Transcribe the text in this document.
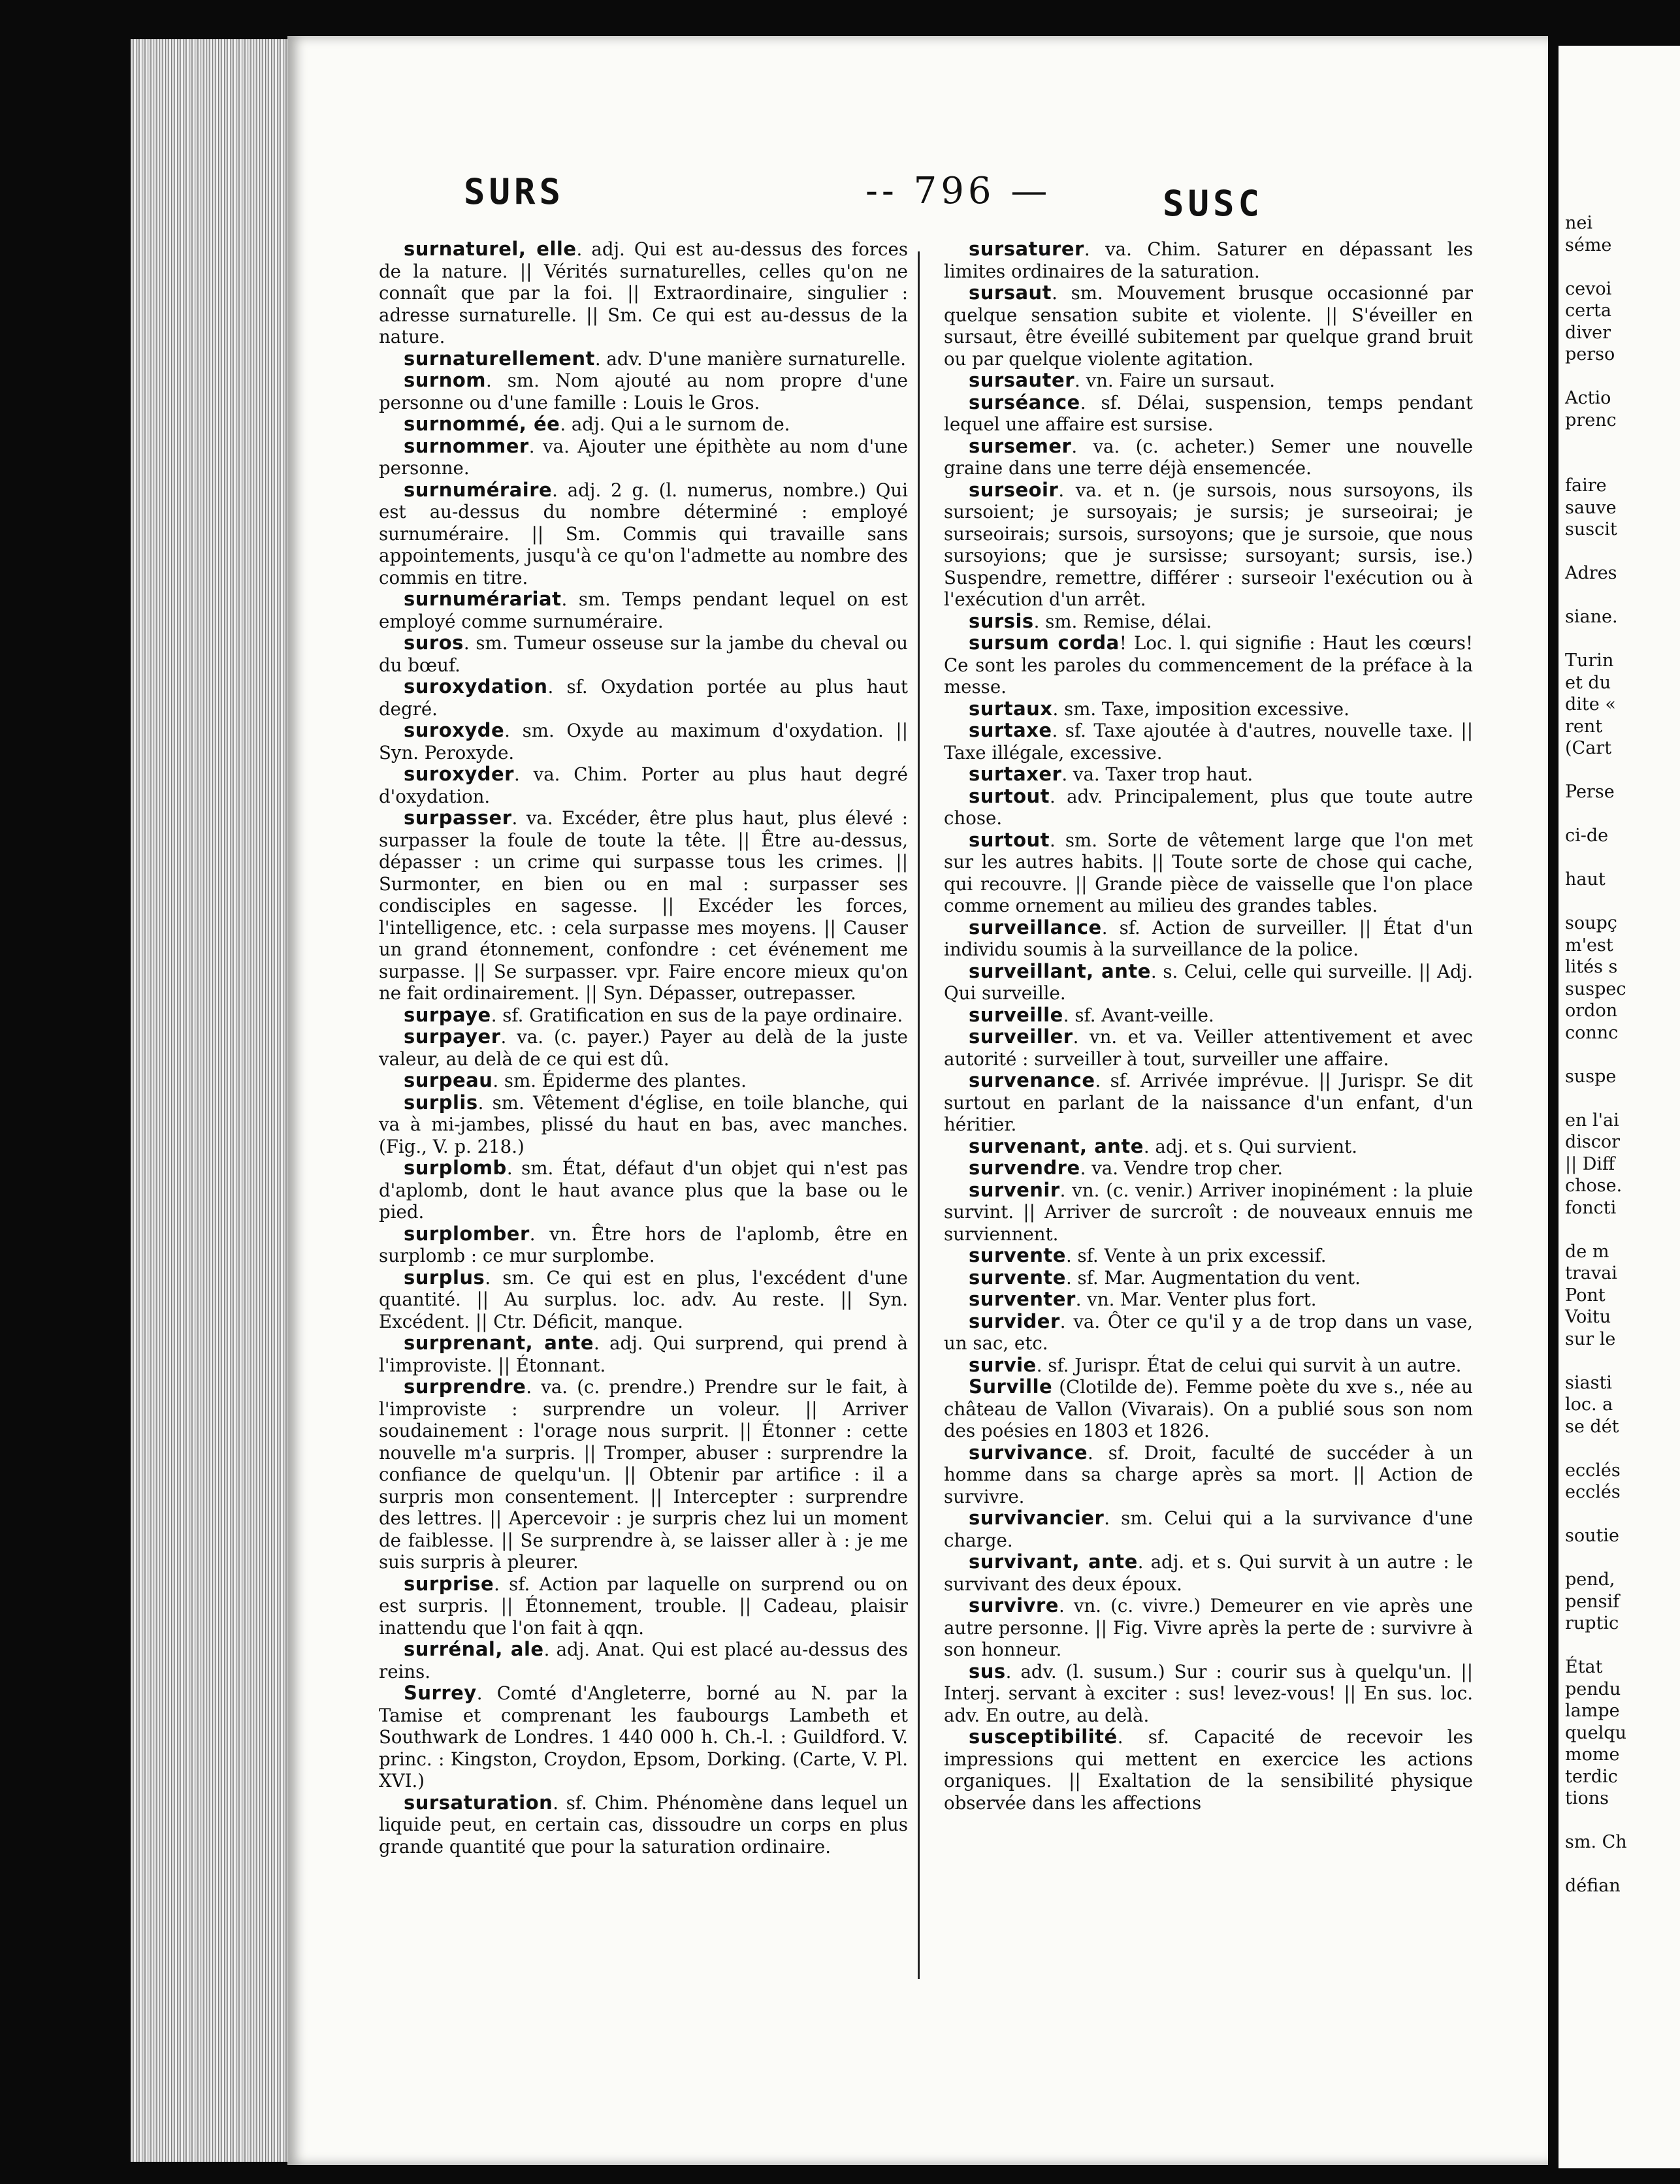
SURS	-- 796 —	SUSC

surnaturel, elle. adj. Qui est au-dessus des forces de la nature. || Vérités surnaturelles, celles qu'on ne connaît que par la foi. || Extraordinaire, singulier : adresse surnaturelle. || Sm. Ce qui est au-dessus de la nature.

surnaturellement. adv. D'une manière surnaturelle.

surnom. sm. Nom ajouté au nom propre d'une personne ou d'une famille : Louis le Gros.

surnommé, ée. adj. Qui a le surnom de.

surnommer. va. Ajouter une épithète au nom d'une personne.

surnuméraire. adj. 2 g. (l. numerus, nombre.) Qui est au-dessus du nombre déterminé : employé surnuméraire. || Sm. Commis qui travaille sans appointements, jusqu'à ce qu'on l'admette au nombre des commis en titre.

surnumérariat. sm. Temps pendant lequel on est employé comme surnuméraire.

suros. sm. Tumeur osseuse sur la jambe du cheval ou du bœuf.

suroxydation. sf. Oxydation portée au plus haut degré.

suroxyde. sm. Oxyde au maximum d'oxydation. || Syn. Peroxyde.

suroxyder. va. Chim. Porter au plus haut degré d'oxydation.

surpasser. va. Excéder, être plus haut, plus élevé : surpasser la foule de toute la tête. || Être au-dessus, dépasser : un crime qui surpasse tous les crimes. || Surmonter, en bien ou en mal : surpasser ses condisciples en sagesse. || Excéder les forces, l'intelligence, etc. : cela surpasse mes moyens. || Causer un grand étonnement, confondre : cet événement me surpasse. || Se surpasser. vpr. Faire encore mieux qu'on ne fait ordinairement. || Syn. Dépasser, outrepasser.

surpaye. sf. Gratification en sus de la paye ordinaire.

surpayer. va. (c. payer.) Payer au delà de la juste valeur, au delà de ce qui est dû.

surpeau. sm. Épiderme des plantes.

surplis. sm. Vêtement d'église, en toile blanche, qui va à mi-jambes, plissé du haut en bas, avec manches. (Fig., V. p. 218.)

surplomb. sm. État, défaut d'un objet qui n'est pas d'aplomb, dont le haut avance plus que la base ou le pied.

surplomber. vn. Être hors de l'aplomb, être en surplomb : ce mur surplombe.

surplus. sm. Ce qui est en plus, l'excédent d'une quantité. || Au surplus. loc. adv. Au reste. || Syn. Excédent. || Ctr. Déficit, manque.

surprenant, ante. adj. Qui surprend, qui prend à l'improviste. || Étonnant.

surprendre. va. (c. prendre.) Prendre sur le fait, à l'improviste : surprendre un voleur. || Arriver soudainement : l'orage nous surprit. || Étonner : cette nouvelle m'a surpris. || Tromper, abuser : surprendre la confiance de quelqu'un. || Obtenir par artifice : il a surpris mon consentement. || Intercepter : surprendre des lettres. || Apercevoir : je surpris chez lui un moment de faiblesse. || Se surprendre à, se laisser aller à : je me suis surpris à pleurer.

surprise. sf. Action par laquelle on surprend ou on est surpris. || Étonnement, trouble. || Cadeau, plaisir inattendu que l'on fait à qqn.

surrénal, ale. adj. Anat. Qui est placé au-dessus des reins.

Surrey. Comté d'Angleterre, borné au N. par la Tamise et comprenant les faubourgs Lambeth et Southwark de Londres. 1 440 000 h. Ch.-l. : Guildford. V. princ. : Kingston, Croydon, Epsom, Dorking. (Carte, V. Pl. XVI.)

sursaturation. sf. Chim. Phénomène dans lequel un liquide peut, en certain cas, dissoudre un corps en plus grande quantité que pour la saturation ordinaire.

sursaturer. va. Chim. Saturer en dépassant les limites ordinaires de la saturation.

sursaut. sm. Mouvement brusque occasionné par quelque sensation subite et violente. || S'éveiller en sursaut, être éveillé subitement par quelque grand bruit ou par quelque violente agitation.

sursauter. vn. Faire un sursaut.

surséance. sf. Délai, suspension, temps pendant lequel une affaire est sursise.

sursemer. va. (c. acheter.) Semer une nouvelle graine dans une terre déjà ensemencée.

surseoir. va. et n. (je sursois, nous sursoyons, ils sursoient; je sursoyais; je sursis; je surseoirai; je surseoirais; sursois, sursoyons; que je sursoie, que nous sursoyions; que je sursisse; sursoyant; sursis, ise.) Suspendre, remettre, différer : surseoir l'exécution ou à l'exécution d'un arrêt.

sursis. sm. Remise, délai.

sursum corda! Loc. l. qui signifie : Haut les cœurs! Ce sont les paroles du commencement de la préface à la messe.

surtaux. sm. Taxe, imposition excessive.

surtaxe. sf. Taxe ajoutée à d'autres, nouvelle taxe. || Taxe illégale, excessive.

surtaxer. va. Taxer trop haut.

surtout. adv. Principalement, plus que toute autre chose.

surtout. sm. Sorte de vêtement large que l'on met sur les autres habits. || Toute sorte de chose qui cache, qui recouvre. || Grande pièce de vaisselle que l'on place comme ornement au milieu des grandes tables.

surveillance. sf. Action de surveiller. || État d'un individu soumis à la surveillance de la police.

surveillant, ante. s. Celui, celle qui surveille. || Adj. Qui surveille.

surveille. sf. Avant-veille.

surveiller. vn. et va. Veiller attentivement et avec autorité : surveiller à tout, surveiller une affaire.

survenance. sf. Arrivée imprévue. || Jurispr. Se dit surtout en parlant de la naissance d'un enfant, d'un héritier.

survenant, ante. adj. et s. Qui survient.

survendre. va. Vendre trop cher.

survenir. vn. (c. venir.) Arriver inopinément : la pluie survint. || Arriver de surcroît : de nouveaux ennuis me surviennent.

survente. sf. Vente à un prix excessif.

survente. sf. Mar. Augmentation du vent.

surventer. vn. Mar. Venter plus fort.

survider. va. Ôter ce qu'il y a de trop dans un vase, un sac, etc.

survie. sf. Jurispr. État de celui qui survit à un autre.

Surville (Clotilde de). Femme poète du xve s., née au château de Vallon (Vivarais). On a publié sous son nom des poésies en 1803 et 1826.

survivance. sf. Droit, faculté de succéder à un homme dans sa charge après sa mort. || Action de survivre.

survivancier. sm. Celui qui a la survivance d'une charge.

survivant, ante. adj. et s. Qui survit à un autre : le survivant des deux époux.

survivre. vn. (c. vivre.) Demeurer en vie après une autre personne. || Fig. Vivre après la perte de : survivre à son honneur.

sus. adv. (l. susum.) Sur : courir sus à quelqu'un. || Interj. servant à exciter : sus! levez-vous! || En sus. loc. adv. En outre, au delà.

susceptibilité. sf. Capacité de recevoir les impressions qui mettent en exercice les actions organiques. || Exaltation de la sensibilité physique observée dans les affections

nei
séme

cevoi
certa
diver
perso

Actio
prenc

faire
sauve
suscit

Adres

siane.

Turin
et du
dite «
rent
(Cart

Perse

ci-de

haut

soupç
m'est
lités s
suspec
ordon
connc

suspe

en l'ai
discor
|| Diff
chose.
foncti

de m
travai
Pont
Voitu
sur le

siasti
loc. a
se dét

ecclés
ecclés

soutie

pend,
pensif
ruptic

État
pendu
lampe
quelqu
mome
terdic
tions

sm. Ch

défian
